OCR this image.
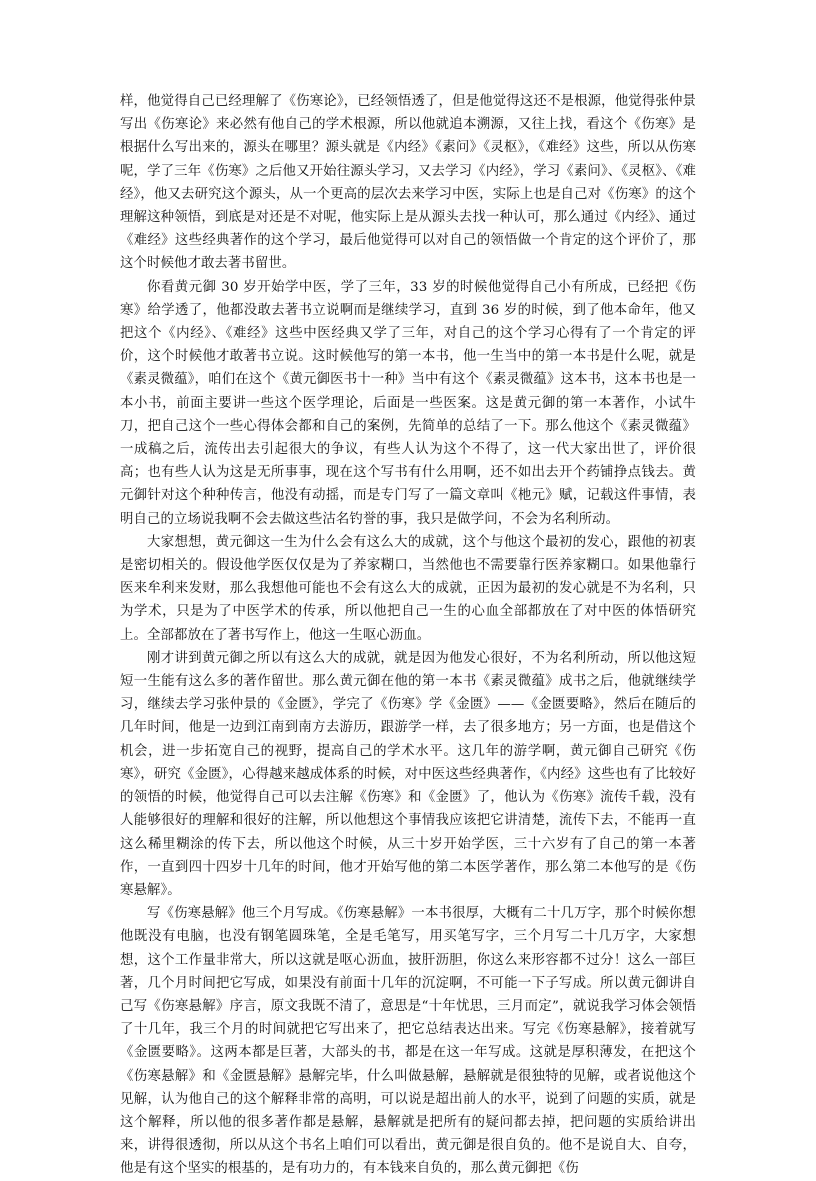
样，他觉得自己已经理解了《伤寒论》，已经领悟透了，但是他觉得这还不是根源，他觉得张仲景写出《伤寒论》来必然有他自己的学术根源，所以他就追本溯源，又往上找，看这个《伤寒》是根据什么写出来的，源头在哪里？源头就是《内经》《素问》《灵枢》，《难经》这些，所以从伤寒呢，学了三年《伤寒》之后他又开始往源头学习，又去学习《内经》，学习《素问》、《灵枢》、《难经》，他又去研究这个源头，从一个更高的层次去来学习中医，实际上也是自己对《伤寒》的这个理解这种领悟，到底是对还是不对呢，他实际上是从源头去找一种认可，那么通过《内经》、通过《难经》这些经典著作的这个学习，最后他觉得可以对自己的领悟做一个肯定的这个评价了，那这个时候他才敢去著书留世。

你看黄元御 30 岁开始学中医，学了三年，33 岁的时候他觉得自己小有所成，已经把《伤寒》给学透了，他都没敢去著书立说啊而是继续学习，直到 36 岁的时候，到了他本命年，他又把这个《内经》、《难经》这些中医经典又学了三年，对自己的这个学习心得有了一个肯定的评价，这个时候他才敢著书立说。这时候他写的第一本书，他一生当中的第一本书是什么呢，就是《素灵微蕴》，咱们在这个《黄元御医书十一种》当中有这个《素灵微蕴》这本书，这本书也是一本小书，前面主要讲一些这个医学理论，后面是一些医案。这是黄元御的第一本著作，小试牛刀，把自己这个一些心得体会都和自己的案例，先简单的总结了一下。那么他这个《素灵微蕴》一成稿之后，流传出去引起很大的争议，有些人认为这个不得了，这一代大家出世了，评价很高；也有些人认为这是无所事事，现在这个写书有什么用啊，还不如出去开个药铺挣点钱去。黄元御针对这个种种传言，他没有动摇，而是专门写了一篇文章叫《杝元》赋，记载这件事情，表明自己的立场说我啊不会去做这些沽名钓誉的事，我只是做学问，不会为名利所动。

大家想想，黄元御这一生为什么会有这么大的成就，这个与他这个最初的发心，跟他的初衷是密切相关的。假设他学医仅仅是为了养家糊口，当然他也不需要靠行医养家糊口。如果他靠行医来牟利来发财，那么我想他可能也不会有这么大的成就，正因为最初的发心就是不为名利，只为学术，只是为了中医学术的传承，所以他把自己一生的心血全部都放在了对中医的体悟研究上。全部都放在了著书写作上，他这一生呕心沥血。

刚才讲到黄元御之所以有这么大的成就，就是因为他发心很好，不为名利所动，所以他这短短一生能有这么多的著作留世。那么黄元御在他的第一本书《素灵微蕴》成书之后，他就继续学习，继续去学习张仲景的《金匮》，学完了《伤寒》学《金匮》——《金匮要略》，然后在随后的几年时间，他是一边到江南到南方去游历，跟游学一样，去了很多地方；另一方面，也是借这个机会，进一步拓宽自己的视野，提高自己的学术水平。这几年的游学啊，黄元御自己研究《伤寒》，研究《金匮》，心得越来越成体系的时候，对中医这些经典著作，《内经》这些也有了比较好的领悟的时候，他觉得自己可以去注解《伤寒》和《金匮》了，他认为《伤寒》流传千载，没有人能够很好的理解和很好的注解，所以他想这个事情我应该把它讲清楚，流传下去，不能再一直这么稀里糊涂的传下去，所以他这个时候，从三十岁开始学医，三十六岁有了自己的第一本著作，一直到四十四岁十几年的时间，他才开始写他的第二本医学著作，那么第二本他写的是《伤寒悬解》。

写《伤寒悬解》他三个月写成。《伤寒悬解》一本书很厚，大概有二十几万字，那个时候你想他既没有电脑，也没有钢笔圆珠笔，全是毛笔写，用买笔写字，三个月写二十几万字，大家想想，这个工作量非常大，所以这就是呕心沥血，披肝沥胆，你这么来形容都不过分！这么一部巨著，几个月时间把它写成，如果没有前面十几年的沉淀啊，不可能一下子写成。所以黄元御讲自己写《伤寒悬解》序言，原文我既不清了，意思是“十年忧思，三月而定”，就说我学习体会领悟了十几年，我三个月的时间就把它写出来了，把它总结表达出来。写完《伤寒悬解》，接着就写《金匮要略》。这两本都是巨著，大部头的书，都是在这一年写成。这就是厚积薄发，在把这个《伤寒悬解》和《金匮悬解》悬解完毕，什么叫做悬解，悬解就是很独特的见解，或者说他这个见解，认为他自己的这个解释非常的高明，可以说是超出前人的水平，说到了问题的实质，就是这个解释，所以他的很多著作都是悬解，悬解就是把所有的疑问都去掉，把问题的实质给讲出来，讲得很透彻，所以从这个书名上咱们可以看出，黄元御是很自负的。他不是说自大、自夸，他是有这个坚实的根基的，是有功力的，有本钱来自负的，那么黄元御把《伤
